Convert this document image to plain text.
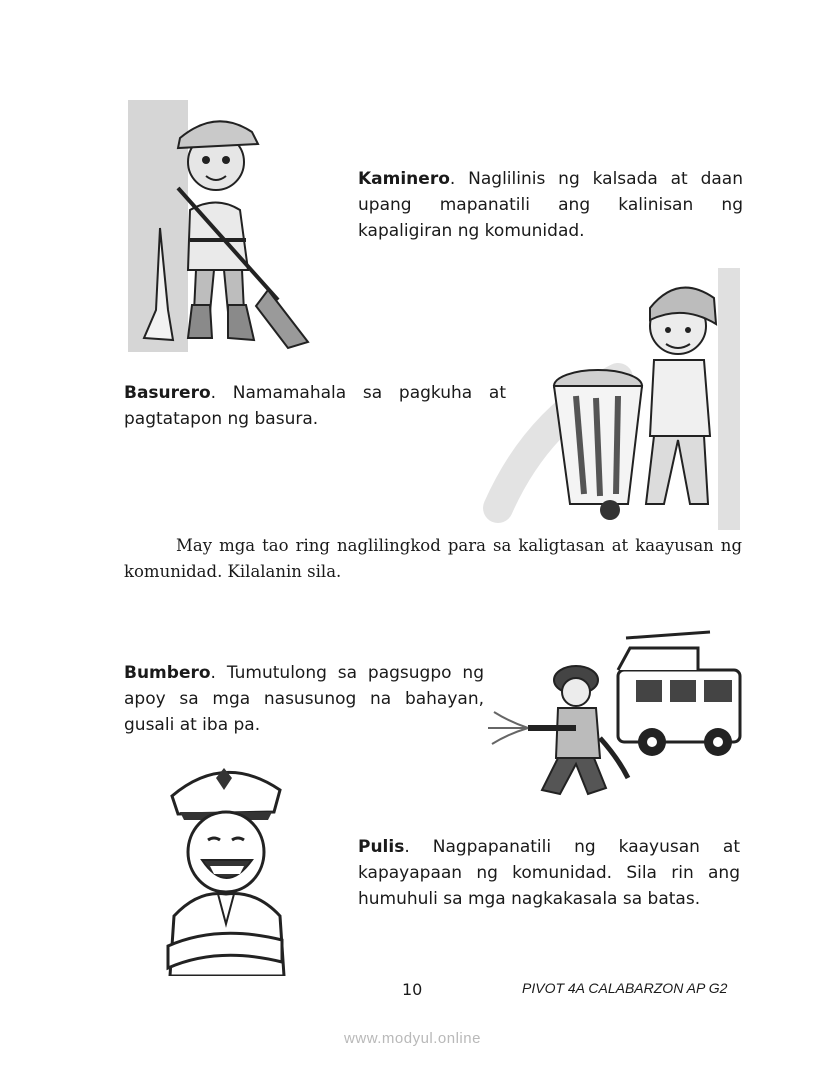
Kaminero. Naglilinis ng kalsada at daan upang mapanatili ang kalinisan ng kapaligiran ng komunidad.

Basurero. Namamahala sa pagkuha at pagtatapon ng basura.

May mga tao ring naglilingkod para sa kaligtasan at kaayusan ng komunidad. Kilalanin sila.

Bumbero. Tumutulong sa pagsugpo ng apoy sa mga nasusunog na bahayan, gusali at iba pa.

Pulis. Nagpapanatili ng kaayusan at kapayapaan ng komunidad. Sila rin ang humuhuli sa mga nagkakasala sa batas.

10	PIVOT 4A CALABARZON AP G2
www.modyul.online
